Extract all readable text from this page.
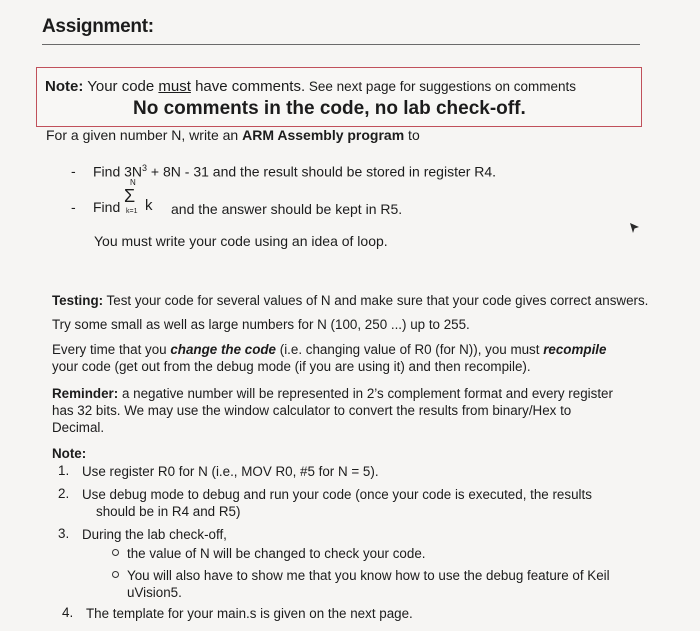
Assignment:
Note: Your code must have comments. See next page for suggestions on comments
No comments in the code, no lab check-off.
For a given number N, write an ARM Assembly program to
- Find $3N^3 + 8N - 31$ and the result should be stored in register R4.
- Find
N
Σ
k=1 k and the answer should be kept in R5.
You must write your code using an idea of loop.
Testing: Test your code for several values of N and make sure that your code gives correct answers.
Try some small as well as large numbers for N (100, 250 ...) up to 255.
Every time that you change the code (i.e. changing value of R0 (for N)), you must recompile
your code (get out from the debug mode (if you are using it) and then recompile).
Reminder: a negative number will be represented in 2’s complement format and every register
has 32 bits. We may use the window calculator to convert the results from binary/Hex to
Decimal.
Note:
1. Use register R0 for N (i.e., MOV R0, #5 for N = 5).
2. Use debug mode to debug and run your code (once your code is executed, the results
should be in R4 and R5)
3. During the lab check-off,
the value of N will be changed to check your code.
You will also have to show me that you know how to use the debug feature of Keil
uVision5.
4. The template for your main.s is given on the next page.
